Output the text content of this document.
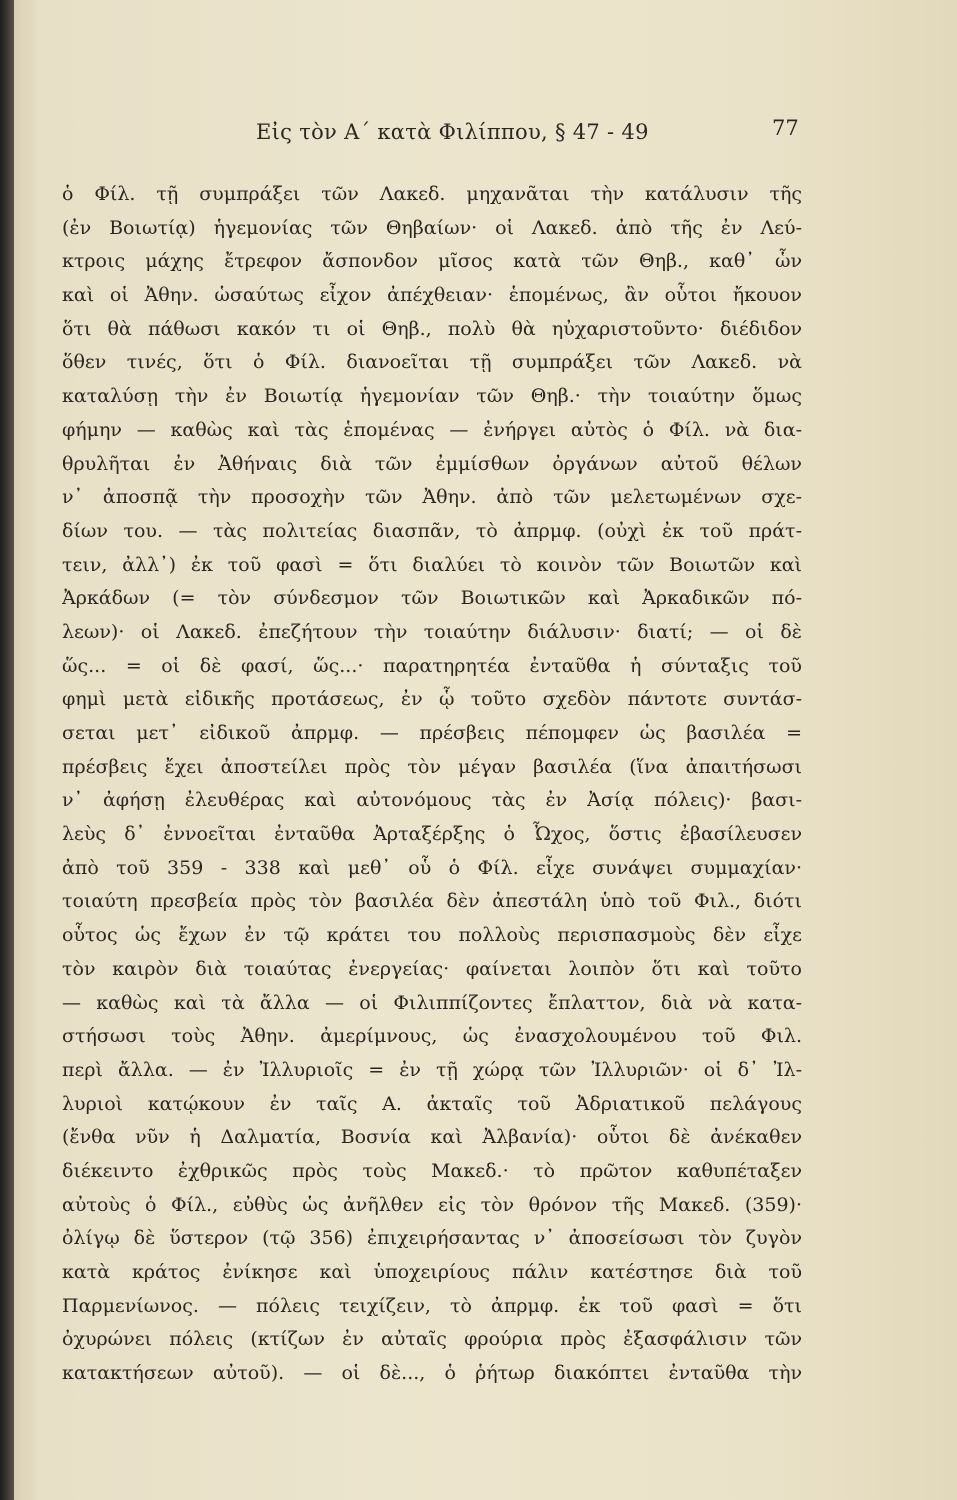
Εἰς τὸν Α΄ κατὰ Φιλίππου, § 47 - 49	77
ὁ Φίλ. τῇ συμπράξει τῶν Λακεδ. μηχανᾶται τὴν κατάλυσιν τῆς
(ἐν Βοιωτίᾳ) ἡγεμονίας τῶν Θηβαίων· οἱ Λακεδ. ἀπὸ τῆς ἐν Λεύ-
κτροις μάχης ἔτρεφον ἄσπονδον μῖσος κατὰ τῶν Θηβ., καθ᾽ ὧν
καὶ οἱ Ἀθην. ὡσαύτως εἶχον ἀπέχθειαν· ἑπομένως, ἂν οὗτοι ἤκουον
ὅτι θὰ πάθωσι κακόν τι οἱ Θηβ., πολὺ θὰ ηὐχαριστοῦντο· διέδιδον
ὅθεν τινές, ὅτι ὁ Φίλ. διανοεῖται τῇ συμπράξει τῶν Λακεδ. νὰ
καταλύσῃ τὴν ἐν Βοιωτίᾳ ἡγεμονίαν τῶν Θηβ.· τὴν τοιαύτην ὅμως
φήμην — καθὼς καὶ τὰς ἑπομένας — ἐνήργει αὐτὸς ὁ Φίλ. νὰ δια-
θρυλῆται ἐν Ἀθήναις διὰ τῶν ἐμμίσθων ὀργάνων αὐτοῦ θέλων
ν᾽ ἀποσπᾷ τὴν προσοχὴν τῶν Ἀθην. ἀπὸ τῶν μελετωμένων σχε-
δίων του. — τὰς πολιτείας διασπᾶν, τὸ ἀπρμφ. (οὐχὶ ἐκ τοῦ πράτ-
τειν, ἀλλ᾽) ἐκ τοῦ φασὶ = ὅτι διαλύει τὸ κοινὸν τῶν Βοιωτῶν καὶ
Ἀρκάδων (= τὸν σύνδεσμον τῶν Βοιωτικῶν καὶ Ἀρκαδικῶν πό-
λεων)· οἱ Λακεδ. ἐπεζήτουν τὴν τοιαύτην διάλυσιν· διατί; — οἱ δὲ
ὥς... = οἱ δὲ φασί, ὥς...· παρατηρητέα ἐνταῦθα ἡ σύνταξις τοῦ
φημὶ μετὰ εἰδικῆς προτάσεως, ἐν ᾧ τοῦτο σχεδὸν πάντοτε συντάσ-
σεται μετ᾽ εἰδικοῦ ἀπρμφ. — πρέσβεις πέπομφεν ὡς βασιλέα =
πρέσβεις ἔχει ἀποστείλει πρὸς τὸν μέγαν βασιλέα (ἵνα ἀπαιτήσωσι
ν᾽ ἀφήσῃ ἐλευθέρας καὶ αὐτονόμους τὰς ἐν Ἀσίᾳ πόλεις)· βασι-
λεὺς δ᾽ ἐννοεῖται ἐνταῦθα Ἀρταξέρξης ὁ Ὦχος, ὅστις ἐβασίλευσεν
ἀπὸ τοῦ 359 - 338 καὶ μεθ᾽ οὗ ὁ Φίλ. εἶχε συνάψει συμμαχίαν·
τοιαύτη πρεσβεία πρὸς τὸν βασιλέα δὲν ἀπεστάλη ὑπὸ τοῦ Φιλ., διότι
οὗτος ὡς ἔχων ἐν τῷ κράτει του πολλοὺς περισπασμοὺς δὲν εἶχε
τὸν καιρὸν διὰ τοιαύτας ἐνεργείας· φαίνεται λοιπὸν ὅτι καὶ τοῦτο
— καθὼς καὶ τὰ ἄλλα — οἱ Φιλιππίζοντες ἔπλαττον, διὰ νὰ κατα-
στήσωσι τοὺς Ἀθην. ἀμερίμνους, ὡς ἐνασχολουμένου τοῦ Φιλ.
περὶ ἄλλα. — ἐν Ἰλλυριοῖς = ἐν τῇ χώρᾳ τῶν Ἰλλυριῶν· οἱ δ᾽ Ἰλ-
λυριοὶ κατῴκουν ἐν ταῖς Α. ἀκταῖς τοῦ Ἀδριατικοῦ πελάγους
(ἔνθα νῦν ἡ Δαλματία, Βοσνία καὶ Ἀλβανία)· οὗτοι δὲ ἀνέκαθεν
διέκειντο ἐχθρικῶς πρὸς τοὺς Μακεδ.· τὸ πρῶτον καθυπέταξεν
αὐτοὺς ὁ Φίλ., εὐθὺς ὡς ἀνῆλθεν εἰς τὸν θρόνον τῆς Μακεδ. (359)·
ὀλίγῳ δὲ ὕστερον (τῷ 356) ἐπιχειρήσαντας ν᾽ ἀποσείσωσι τὸν ζυγὸν
κατὰ κράτος ἐνίκησε καὶ ὑποχειρίους πάλιν κατέστησε διὰ τοῦ
Παρμενίωνος. — πόλεις τειχίζειν, τὸ ἀπρμφ. ἐκ τοῦ φασὶ = ὅτι
ὀχυρώνει πόλεις (κτίζων ἐν αὐταῖς φρούρια πρὸς ἐξασφάλισιν τῶν
κατακτήσεων αὐτοῦ). — οἱ δὲ..., ὁ ῥήτωρ διακόπτει ἐνταῦθα τὴν
